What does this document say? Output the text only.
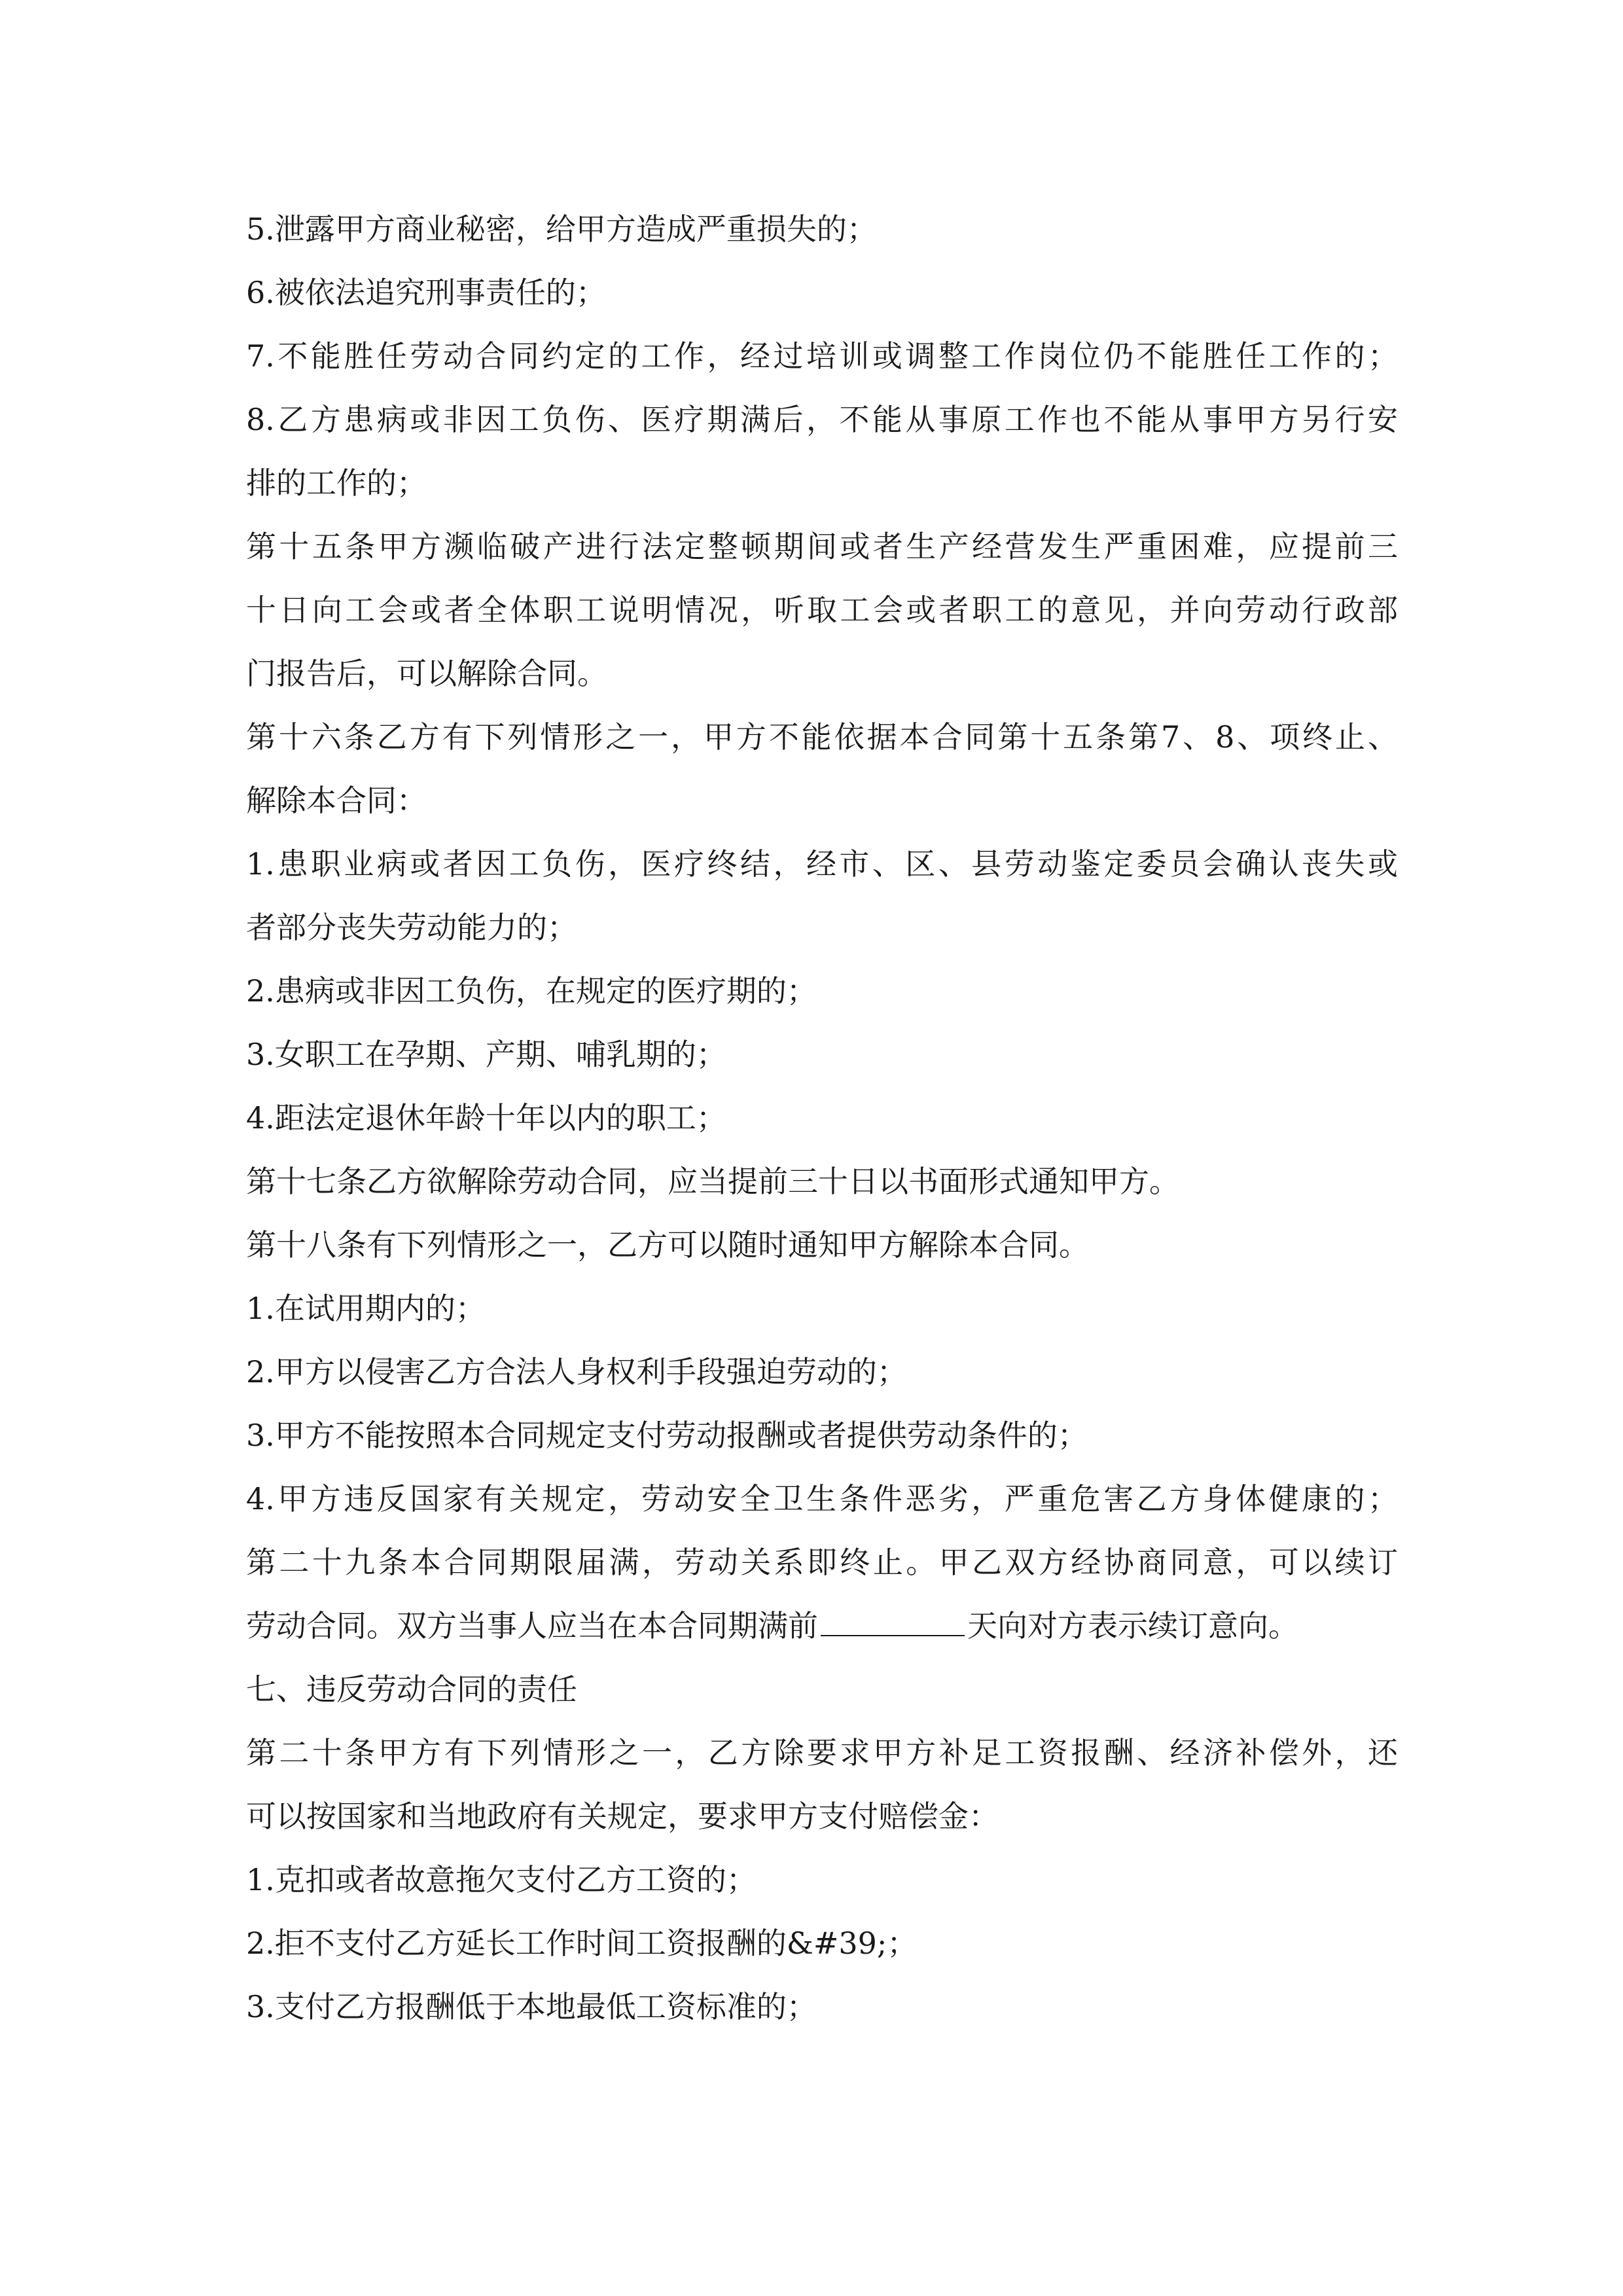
5.泄露甲方商业秘密，给甲方造成严重损失的；
6.被依法追究刑事责任的；
7.不能胜任劳动合同约定的工作，经过培训或调整工作岗位仍不能胜任工作的；
8.乙方患病或非因工负伤、医疗期满后，不能从事原工作也不能从事甲方另行安
排的工作的；
第十五条甲方濒临破产进行法定整顿期间或者生产经营发生严重困难，应提前三
十日向工会或者全体职工说明情况，听取工会或者职工的意见，并向劳动行政部
门报告后，可以解除合同。
第十六条乙方有下列情形之一，甲方不能依据本合同第十五条第7、8、项终止、
解除本合同：
1.患职业病或者因工负伤，医疗终结，经市、区、县劳动鉴定委员会确认丧失或
者部分丧失劳动能力的；
2.患病或非因工负伤，在规定的医疗期的；
3.女职工在孕期、产期、哺乳期的；
4.距法定退休年龄十年以内的职工；
第十七条乙方欲解除劳动合同，应当提前三十日以书面形式通知甲方。
第十八条有下列情形之一，乙方可以随时通知甲方解除本合同。
1.在试用期内的；
2.甲方以侵害乙方合法人身权利手段强迫劳动的；
3.甲方不能按照本合同规定支付劳动报酬或者提供劳动条件的；
4.甲方违反国家有关规定，劳动安全卫生条件恶劣，严重危害乙方身体健康的；
第二十九条本合同期限届满，劳动关系即终止。甲乙双方经协商同意，可以续订
劳动合同。双方当事人应当在本合同期满前	天向对方表示续订意向。
七、违反劳动合同的责任
第二十条甲方有下列情形之一，乙方除要求甲方补足工资报酬、经济补偿外，还
可以按国家和当地政府有关规定，要求甲方支付赔偿金：
1.克扣或者故意拖欠支付乙方工资的；
2.拒不支付乙方延长工作时间工资报酬的&#39;；
3.支付乙方报酬低于本地最低工资标准的；
